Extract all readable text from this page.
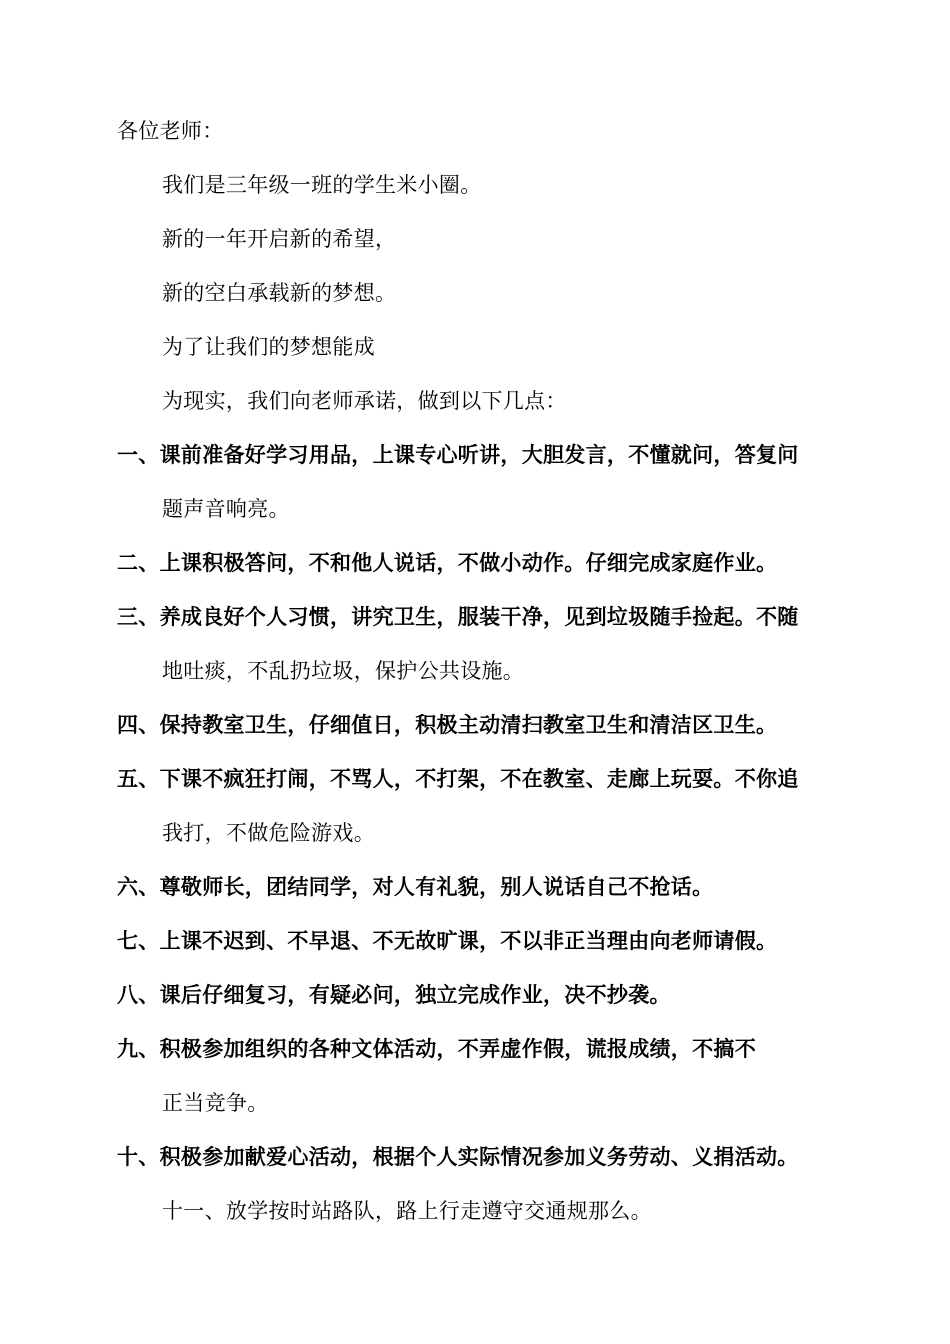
各位老师：
我们是三年级一班的学生米小圈。
新的一年开启新的希望，
新的空白承载新的梦想。
为了让我们的梦想能成
为现实，我们向老师承诺，做到以下几点：
一、课前准备好学习用品，上课专心听讲，大胆发言，不懂就问，答复问
题声音响亮。
二、上课积极答问，不和他人说话，不做小动作。仔细完成家庭作业。
三、养成良好个人习惯，讲究卫生，服装干净，见到垃圾随手捡起。不随
地吐痰，不乱扔垃圾，保护公共设施。
四、保持教室卫生，仔细值日，积极主动清扫教室卫生和清洁区卫生。
五、下课不疯狂打闹，不骂人，不打架，不在教室、走廊上玩耍。不你追
我打，不做危险游戏。
六、尊敬师长，团结同学，对人有礼貌，别人说话自己不抢话。
七、上课不迟到、不早退、不无故旷课，不以非正当理由向老师请假。
八、课后仔细复习，有疑必问，独立完成作业，决不抄袭。
九、积极参加组织的各种文体活动，不弄虚作假，谎报成绩，不搞不
正当竞争。
十、积极参加献爱心活动，根据个人实际情况参加义务劳动、义捐活动。
十一、放学按时站路队，路上行走遵守交通规那么。
